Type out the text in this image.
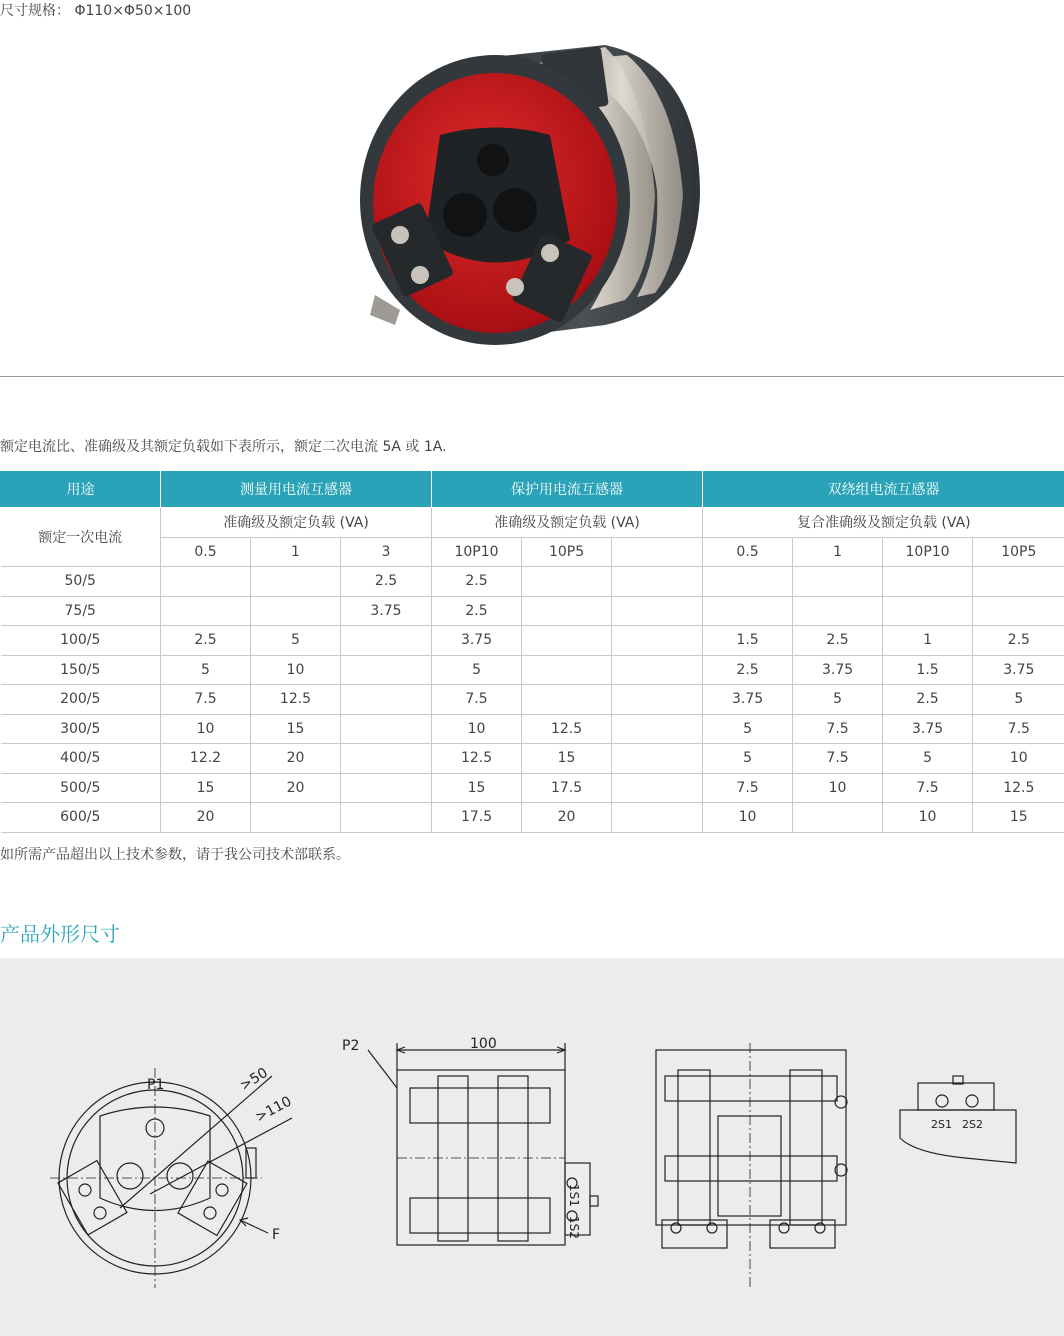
尺寸规格： Φ110×Φ50×100
额定电流比、准确级及其额定负载如下表所示，额定二次电流 5A 或 1A.
用途	测量用电流互感器			保护用电流互感器			双绕组电流互感器			
额定一次电流	准确级及额定负载 (VA)			准确级及额定负载 (VA)			复合准确级及额定负载 (VA)			
	0.5	1	3	10P10	10P5		0.5	1	10P10	10P5
50/5			2.5	2.5						
75/5			3.75	2.5						
100/5	2.5	5		3.75			1.5	2.5	1	2.5
150/5	5	10		5			2.5	3.75	1.5	3.75
200/5	7.5	12.5		7.5			3.75	5	2.5	5
300/5	10	15		10	12.5		5	7.5	3.75	7.5
400/5	12.2	20		12.5	15		5	7.5	5	10
500/5	15	20		15	17.5		7.5	10	7.5	12.5
600/5	20			17.5	20		10		10	15
如所需产品超出以上技术参数，请于我公司技术部联系。
产品外形尺寸
P1	>50
>110
F
P2	100
1S1
1S2
2S1 2S2
